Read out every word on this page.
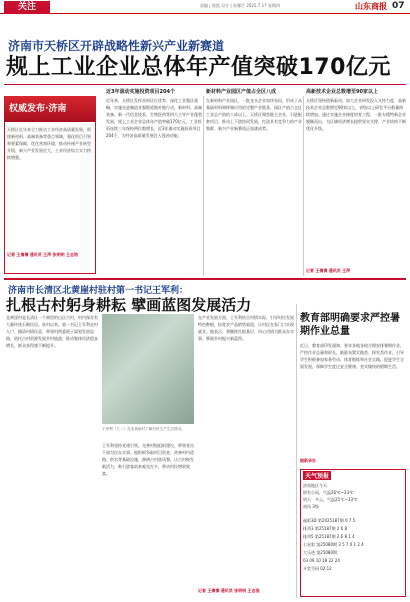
关注	责编 | 崔凯 设计 | 苏娜芒 2025.7.17 星期四	山东商报 07
济南市天桥区开辟战略性新兴产业新赛道
规上工业企业总体年产值突破170亿元
近3年滚动实施投资项目204个	新材料产业园区产值占全区八成	高新技术企业总数增至90家以上
近年来，天桥区发挥首府区位优势，深化工业强区战略，实施先进制造业强链延链补链行动，新材料、高端装备、新一代信息技术、生物医药等四大主导产业蓬勃发展，规上工业企业总体年产值突破170亿元，工业投资连续三年保持两位数增长，近3年滚动实施投资项目204个，为经济高质量发展注入强劲动能。
在新材料产业园区，一批龙头企业加快布局，形成了从基础材料到终端应用的完整产业链条，园区产值占全区工业总产值的八成以上。天桥区聚焦链主企业，引进配套项目，推动上下游协同发展，打造具有竞争力的产业集群，新兴产业新赛道正加速成势。
天桥区坚持创新驱动，加大企业研发投入支持力度，高新技术企业总数增至90家以上，省级以上研发平台数量持续增加。通过实施企业梯度培育工程，一批专精特新企业脱颖而出，为区域经济增长提供坚实支撑，产业结构不断优化升级。
记者 王倩倩 通讯员 王萍
权威发布·济南
天桥区近年来全力推动工业经济高质量发展，围绕新材料、高端装备等重点领域，强化项目引领和要素保障，优化营商环境，推动传统产业转型升级、新兴产业发展壮大，工业经济综合实力持续增强。
记者 王倩倩 通讯员 王萍 张明明 王志浩
济南市长清区北黄崖村驻村第一书记王军利：
扎根古村躬身耕耘 擘画蓝图发展活力
北黄崖村是长清区一个典型的山区古村，村内保存有大量传统石砌民居。驻村以来，第一书记王军利走村入户，摸清村情民意，带领村两委班子谋划发展思路，依托古村资源发展乡村旅游，推动集体经济稳步增长，群众获得感不断提升。
王军利（左二）在北黄崖村了解村民生产生活情况。
王军利坚持党建引领，完善村级组织建设，带领党员干部为民办实事。他积极争取项目资金，改善村内道路、供水等基础设施，修缮古村落风貌，让古村焕发新活力，吸引游客前来观光打卡，带动村民增收致富。
在产业发展方面，王军利结合村情实际，引导村民发展特色种植，拓宽农产品销售渠道，让村民在家门口实现就业。他表示，将继续扎根基层，用心用情为群众办实事，擘画乡村振兴新蓝图。
记者 王倩倩 通讯员 张明明 王志浩
教育部明确要求严控暑期作业总量
近日，教育部印发通知，要求各地各校合理安排暑期作业，严控作业总量和时长，鼓励布置实践类、探究类作业，引导学生积极参加家务劳动、体育锻炼和社会实践，促进学生全面发展，保障学生度过安全健康、充实愉快的假期生活。
据新华社
天气预报
济南地区今天：
阴有小雨，气温26℃~33℃
明天：多云，气温25℃~33℃
南风 3级
福彩3D 第2025187期 0 7 5
排列3 第25187期 2 6 8
排列5 第25187期 2 6 8 1 4
七星彩 第25080期 3 5 7 0 1 2 4
大乐透 第25080期：
03 09 10 18 22 24
开奖号码 02 12
